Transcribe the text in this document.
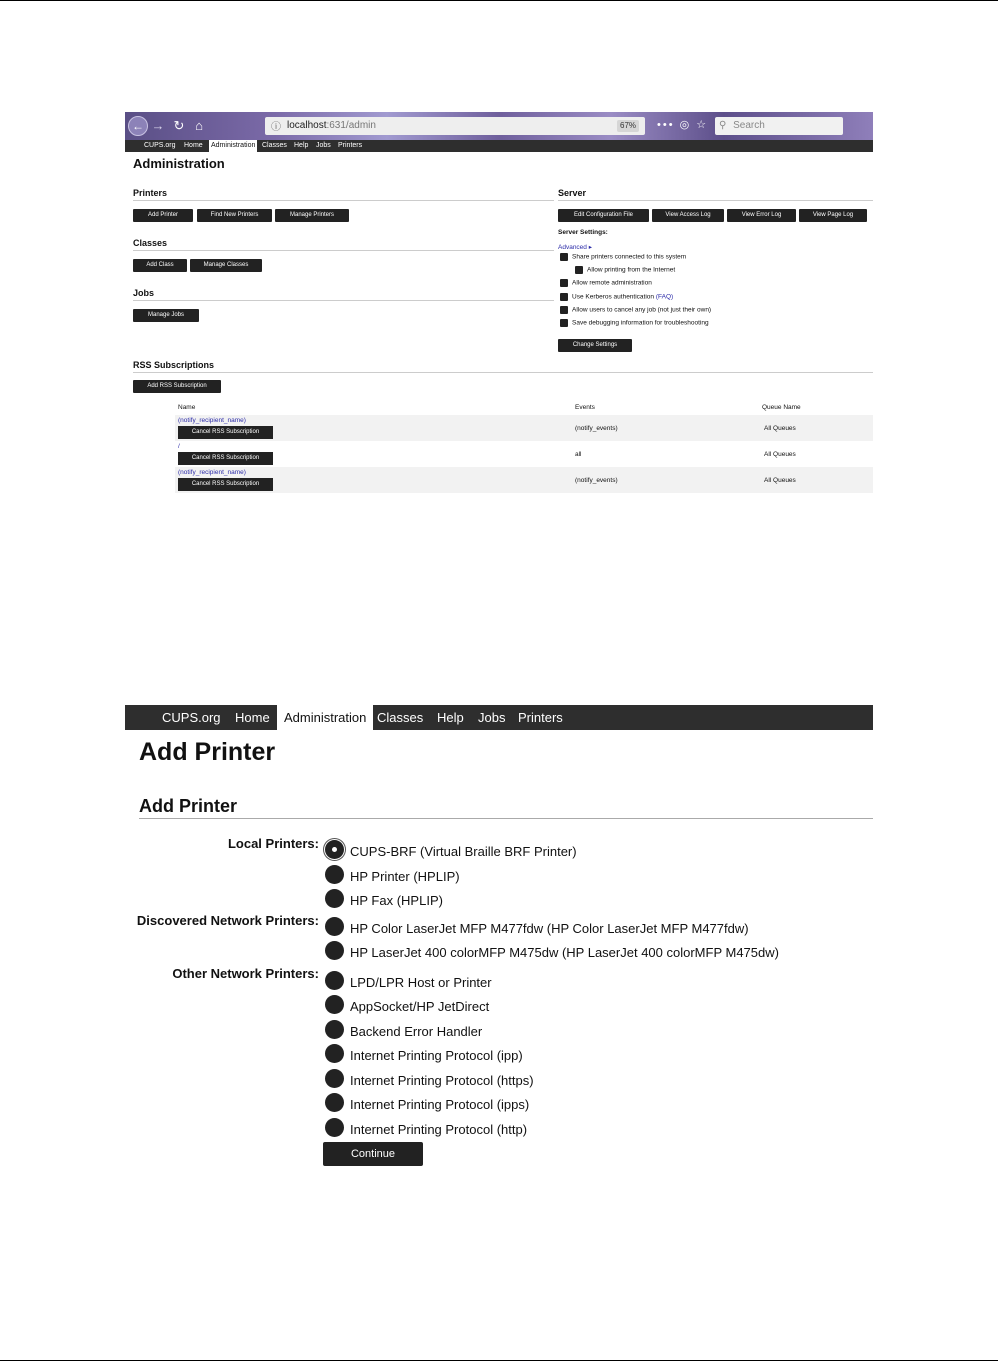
← → ↻ ⌂	ⓘ localhost:631/admin	67% ••• ◎ ☆	⚲ Search
CUPS.org Home Administration Classes Help Jobs Printers
Administration
Printers
Add Printer	Find New Printers	Manage Printers
Classes
Add Class	Manage Classes
Jobs
Manage Jobs
Server
Edit Configuration File	View Access Log	View Error Log	View Page Log
Server Settings:
Advanced ▸
Share printers connected to this system
Allow printing from the Internet
Allow remote administration
Use Kerberos authentication (FAQ)
Allow users to cancel any job (not just their own)
Save debugging information for troubleshooting
Change Settings
RSS Subscriptions
Add RSS Subscription
Name	Events	Queue Name
(notify_recipient_name)
Cancel RSS Subscription	(notify_events)	All Queues
/
Cancel RSS Subscription	all	All Queues
(notify_recipient_name)
Cancel RSS Subscription	(notify_events)	All Queues
CUPS.org	Home	Administration Classes	Help	Jobs Printers
Add Printer
Add Printer
Local Printers:
CUPS-BRF (Virtual Braille BRF Printer)
HP Printer (HPLIP)
HP Fax (HPLIP)
Discovered Network Printers:
HP Color LaserJet MFP M477fdw (HP Color LaserJet MFP M477fdw)
HP LaserJet 400 colorMFP M475dw (HP LaserJet 400 colorMFP M475dw)
Other Network Printers:
LPD/LPR Host or Printer
AppSocket/HP JetDirect
Backend Error Handler
Internet Printing Protocol (ipp)
Internet Printing Protocol (https)
Internet Printing Protocol (ipps)
Internet Printing Protocol (http)
Continue
